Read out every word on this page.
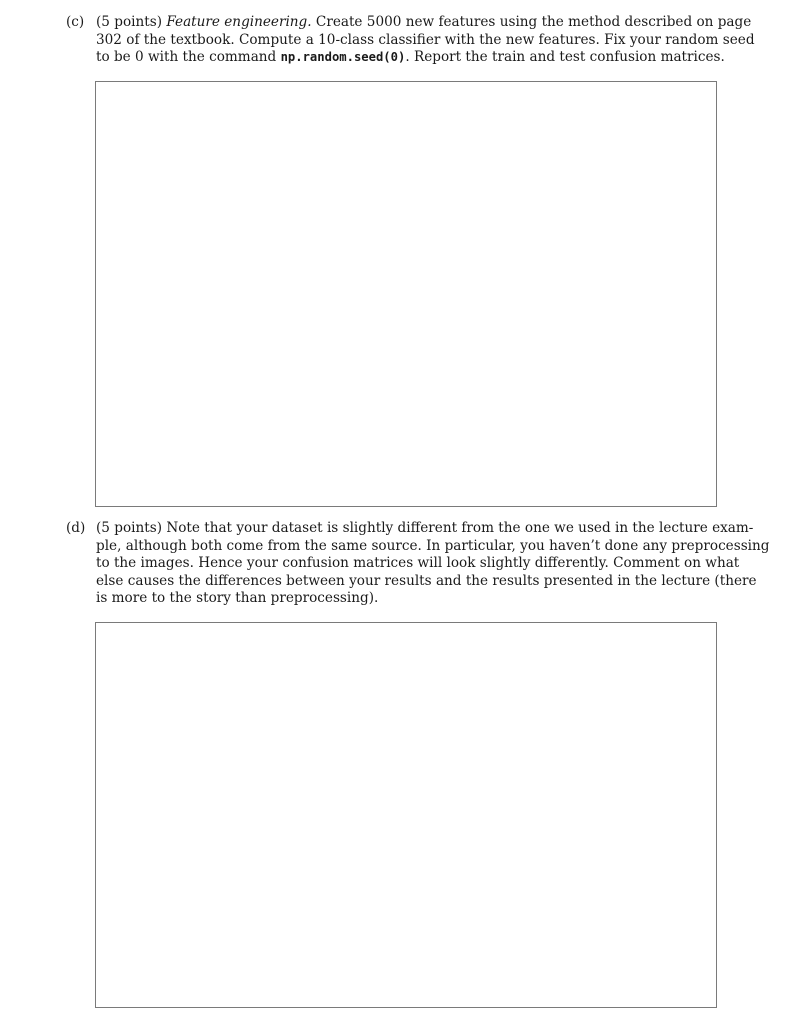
(c) (5 points) Feature engineering. Create 5000 new features using the method described on page
302 of the textbook. Compute a 10-class classifier with the new features. Fix your random seed
to be 0 with the command np.random.seed(0). Report the train and test confusion matrices.
(d) (5 points) Note that your dataset is slightly different from the one we used in the lecture exam-
ple, although both come from the same source. In particular, you haven’t done any preprocessing
to the images. Hence your confusion matrices will look slightly differently. Comment on what
else causes the differences between your results and the results presented in the lecture (there
is more to the story than preprocessing).
